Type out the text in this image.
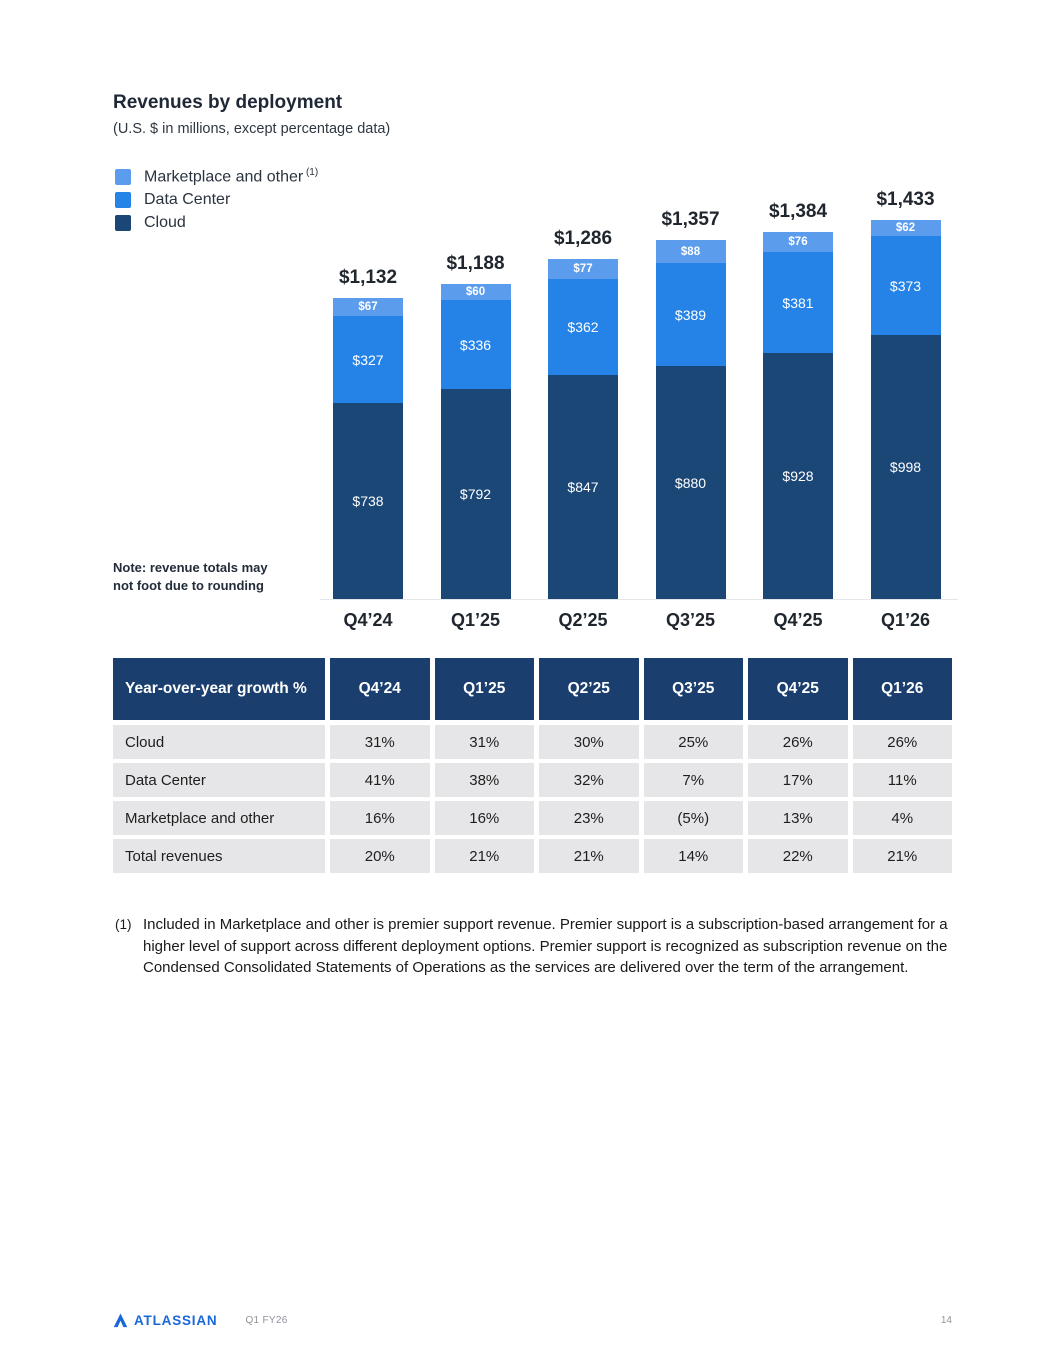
Revenues by deployment
(U.S. $ in millions, except percentage data)
Marketplace and other $^{(1)}$
Data Center
Cloud
$738
$327
$67
$1,132
Q4’24
$792
$336
$60
$1,188
Q1’25
$847
$362
$77
$1,286
Q2’25
$880
$389
$88
$1,357
Q3’25
$928
$381
$76
$1,384
Q4’25
$998
$373
$62
$1,433
Q1’26
Note: revenue totals may not foot due to rounding
Year-over-year growth %	Q4’24	Q1’25	Q2’25	Q3’25	Q4’25	Q1’26
Cloud	31%	31%	30%	25%	26%	26%
Data Center	41%	38%	32%	7%	17%	11%
Marketplace and other	16%	16%	23%	(5%)	13%	4%
Total revenues	20%	21%	21%	14%	22%	21%
(1) Included in Marketplace and other is premier support revenue. Premier support is a subscription-based arrangement for a higher level of support across different deployment options. Premier support is recognized as subscription revenue on the Condensed Consolidated Statements of Operations as the services are delivered over the term of the arrangement.
ATLASSIAN	Q1 FY26	14
